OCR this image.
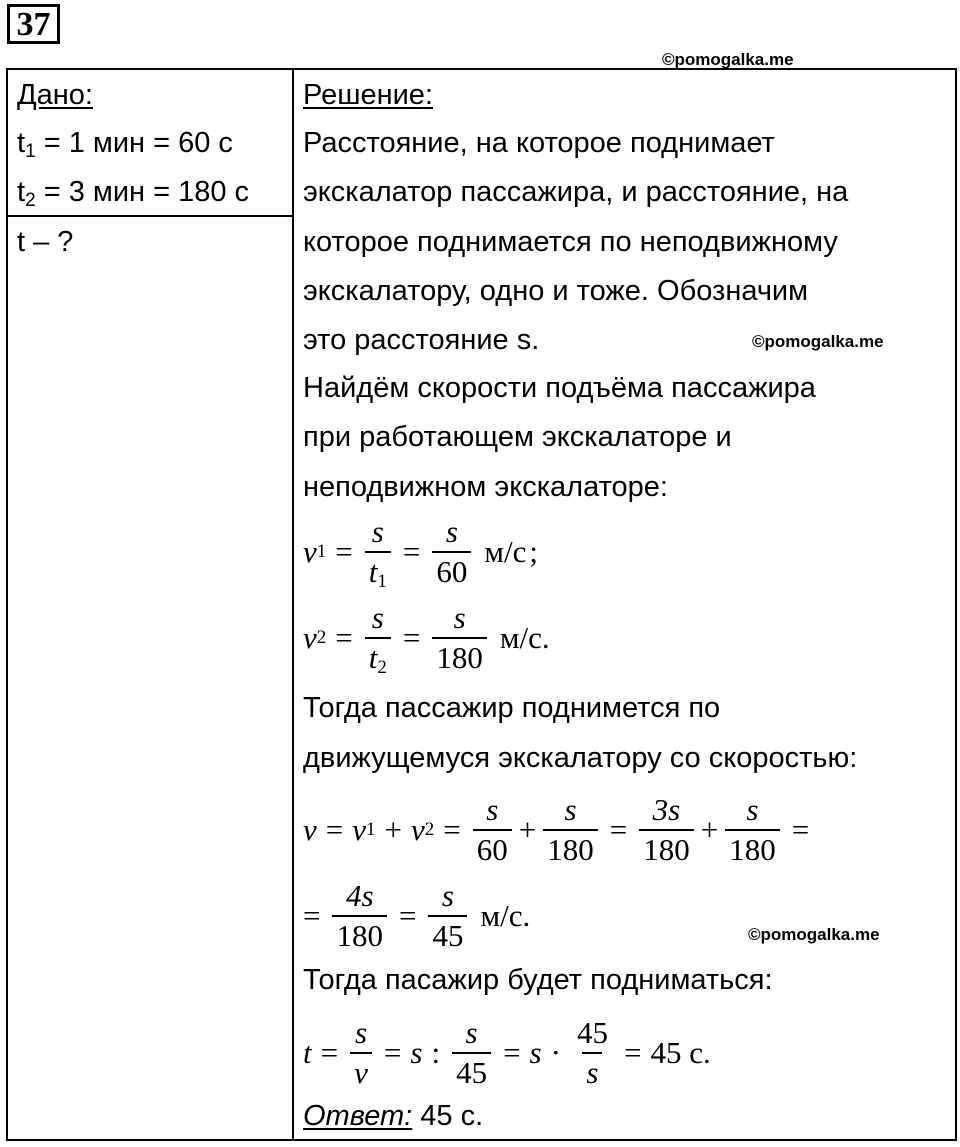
37
©pomogalka.me
Дано:
$t_1 = 1$ мин = 60 с
$t_2 = 3$ мин = 180 с
t – ?
Решение:
Расстояние, на которое поднимает
экскалатор пассажира, и расстояние, на
которое поднимается по неподвижному
экскалатору, одно и тоже. Обозначим
это расстояние s.	©pomogalka.me
Найдём скорости подъёма пассажира
при работающем экскалаторе и
неподвижном экскалаторе:
v $1 = \frac{s}{t1} = \frac{s}{60} м/с$ ;
v $2 = \frac{s}{t2} = \frac{s}{180} м/с$.
Тогда пассажир поднимется по
движущемуся экскалатору со скоростью:
v = v 1 + v $2 = \frac{s}{60} + \frac{s}{180} = \frac{3s}{180} + \frac{s}{180}$ =
= $\frac{4s}{180} = \frac{s}{45} м/с$.
©pomogalka.me
Тогда пасажир будет подниматься:
$t = \frac{s}{v} = s$ : $\frac{s}{45} = s \cdot \frac{45}{s} = 45$ с.
Ответ: 45 с.
